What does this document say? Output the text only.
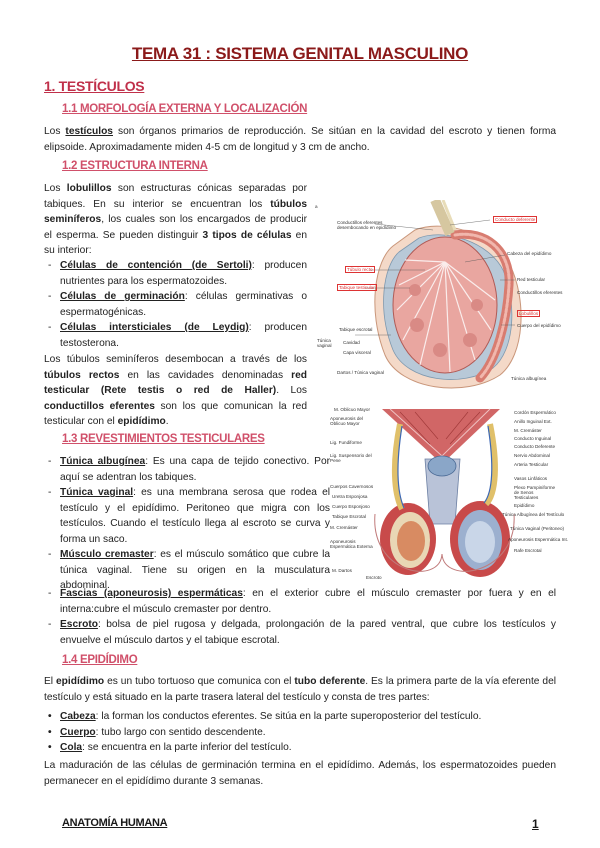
TEMA 31 : SISTEMA GENITAL MASCULINO
1. TESTÍCULOS
1.1 MORFOLOGÍA EXTERNA Y LOCALIZACIÓN
Los testículos son órganos primarios de reproducción. Se sitúan en la cavidad del escroto y tienen forma elipsoide. Aproximadamente miden 4-5 cm de longitud y 3 cm de ancho.
1.2 ESTRUCTURA INTERNA
Los lobulillos son estructuras cónicas separadas por tabiques. En su interior se encuentran los túbulos seminíferos, los cuales son los encargados de producir el esperma. Se pueden distinguir 3 tipos de células en su interior:
- Células de contención (de Sertoli): producen nutrientes para los espermatozoides.
- Células de germinación: células germinativas o espermatogénicas.
- Células intersticiales (de Leydig): producen testosterona.
Los túbulos seminíferos desembocan a través de los túbulos rectos en las cavidades denominadas red testicular (Rete testis o red de Haller). Los conductillos eferentes son los que comunican la red testicular con el epidídimo.
1.3 REVESTIMIENTOS TESTICULARES
- Túnica albugínea: Es una capa de tejido conectivo. Por aquí se adentran los tabiques.
- Túnica vaginal: es una membrana serosa que rodea el testículo y el epidídimo. Peritoneo que migra con los testículos. Cuando el testículo llega al escroto se curva y forma un saco.
- Músculo cremaster: es el músculo somático que cubre la túnica vaginal. Tiene su origen en la musculatura abdominal.
- Fascias (aponeurosis) espermáticas: en el exterior cubre el músculo cremaster por fuera y en el interna:cubre el músculo cremaster por dentro.
- Escroto: bolsa de piel rugosa y delgada, prolongación de la pared ventral, que cubre los testículos y envuelve el músculo dartos y el tabique escrotal.
1.4 EPIDÍDIMO
El epidídimo es un tubo tortuoso que comunica con el tubo deferente. Es la primera parte de la vía eferente del testículo y está situado en la parte trasera lateral del testículo y consta de tres partes:
• Cabeza: la forman los conductos eferentes. Se sitúa en la parte superoposterior del testículo.
• Cuerpo: tubo largo con sentido descendente.
• Cola: se encuentra en la parte inferior del testículo.
La maduración de las células de germinación termina en el epidídimo. Además, los espermatozoides pueden permanecer en el epidídimo durante 3 semanas.
a
Conductillos eferentes desembocando en epidídimo
Túbulo recto
Tabique testicular
Tabique escrotal
Cavidad
Capa visceral
Dartos / Túnica vaginal
Túnica vaginal
Conducto deferente
Cabeza del epidídimo
Red testicular
Conductillos eferentes
Lobulillos
Cuerpo del epidídimo
Túnica albugínea
M. Oblicuo Mayor
Aponeurosis del Oblicuo Mayor
Lig. Fundiforme
Lig. Suspensorio del Pene
Cuerpos Cavernosos
Uretra Esponjosa
Cuerpo Esponjoso
Tabique Escrotal
M. Cremáster
Aponeurosis Espermática Externa
M. Dartos
Escroto
Cordón Espermático
Anillo Inguinal Ext.
M. Cremáster
Conducto Inguinal
Conducto Deferente
Nervio Abdominal
Arteria Testicular
Vasos Linfáticos
Plexo Pampiniforme de Senos Testiculares
Epidídimo
Túnica Albugínea del Testículo
Túnica Vaginal (Peritoneo)
Aponeurosis Espermática Int.
Rafe Escrotal
ANATOMÍA HUMANA	1
